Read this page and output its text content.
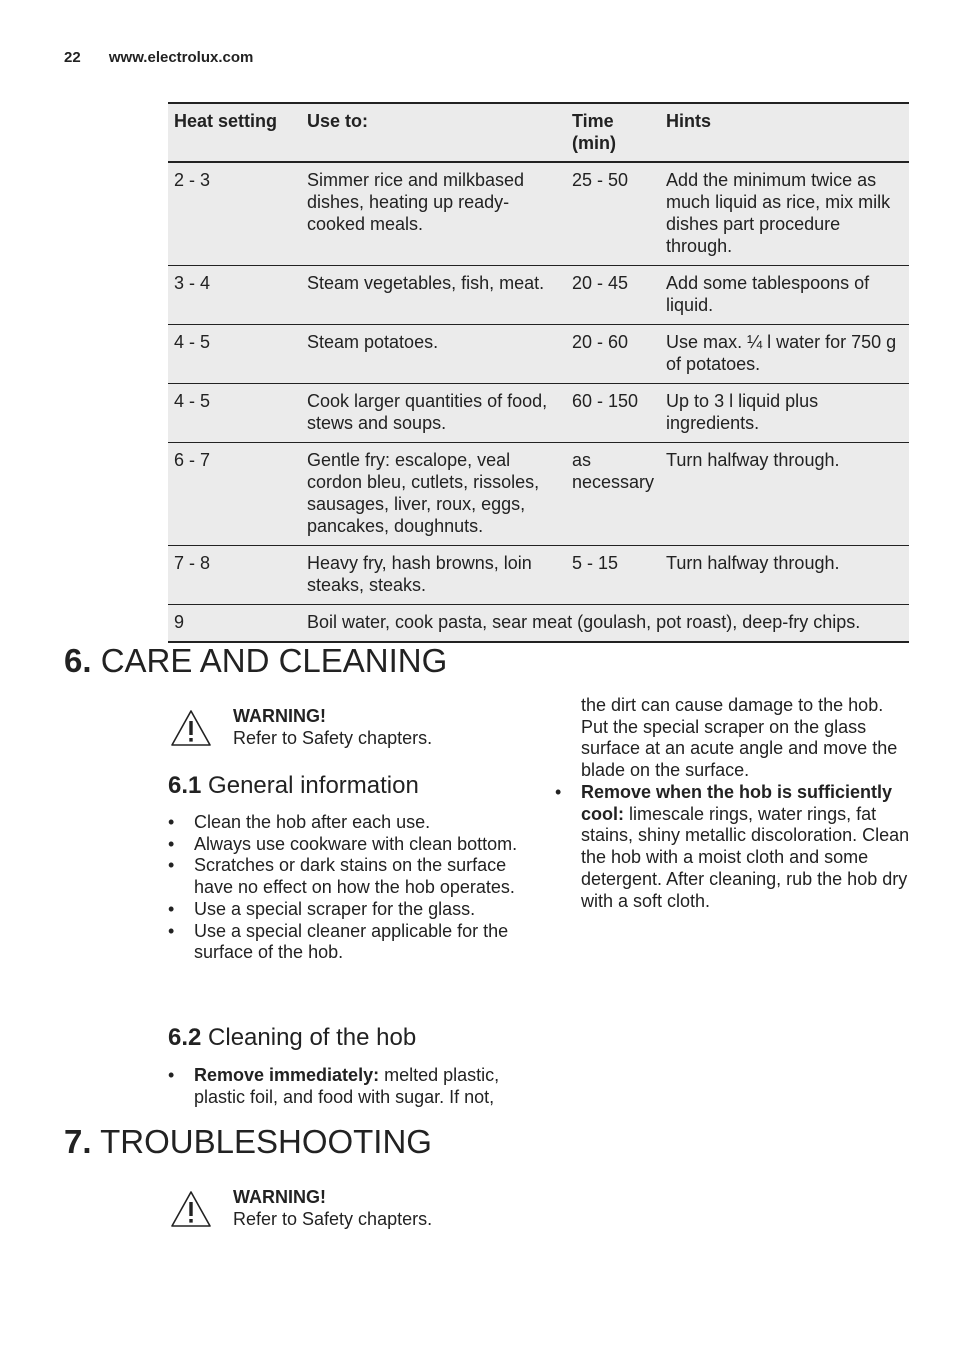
22 www.electrolux.com
Heat setting	Use to:	Time (min)	Hints
2 - 3	Simmer rice and milkbased dishes, heating up ready-cooked meals.	25 - 50	Add the minimum twice as much liquid as rice, mix milk dishes part procedure through.
3 - 4	Steam vegetables, fish, meat.	20 - 45	Add some tablespoons of liquid.
4 - 5	Steam potatoes.	20 - 60	Use max. ¼ l water for 750 g of potatoes.
4 - 5	Cook larger quantities of food, stews and soups.	60 - 150	Up to 3 l liquid plus ingredients.
6 - 7	Gentle fry: escalope, veal cordon bleu, cutlets, rissoles, sausages, liver, roux, eggs, pancakes, doughnuts.	as necessary	Turn halfway through.
7 - 8	Heavy fry, hash browns, loin steaks, steaks.	5 - 15	Turn halfway through.
9	Boil water, cook pasta, sear meat (goulash, pot roast), deep-fry chips.		
6. CARE AND CLEANING
WARNING!
Refer to Safety chapters.
6.1 General information
• Clean the hob after each use.
• Always use cookware with clean bottom.
• Scratches or dark stains on the surface have no effect on how the hob operates.
• Use a special scraper for the glass.
• Use a special cleaner applicable for the surface of the hob.
6.2 Cleaning of the hob
• Remove immediately: melted plastic, plastic foil, and food with sugar. If not,
the dirt can cause damage to the hob. Put the special scraper on the glass surface at an acute angle and move the blade on the surface.
• Remove when the hob is sufficiently cool: limescale rings, water rings, fat stains, shiny metallic discoloration. Clean the hob with a moist cloth and some detergent. After cleaning, rub the hob dry with a soft cloth.
7. TROUBLESHOOTING
WARNING!
Refer to Safety chapters.
